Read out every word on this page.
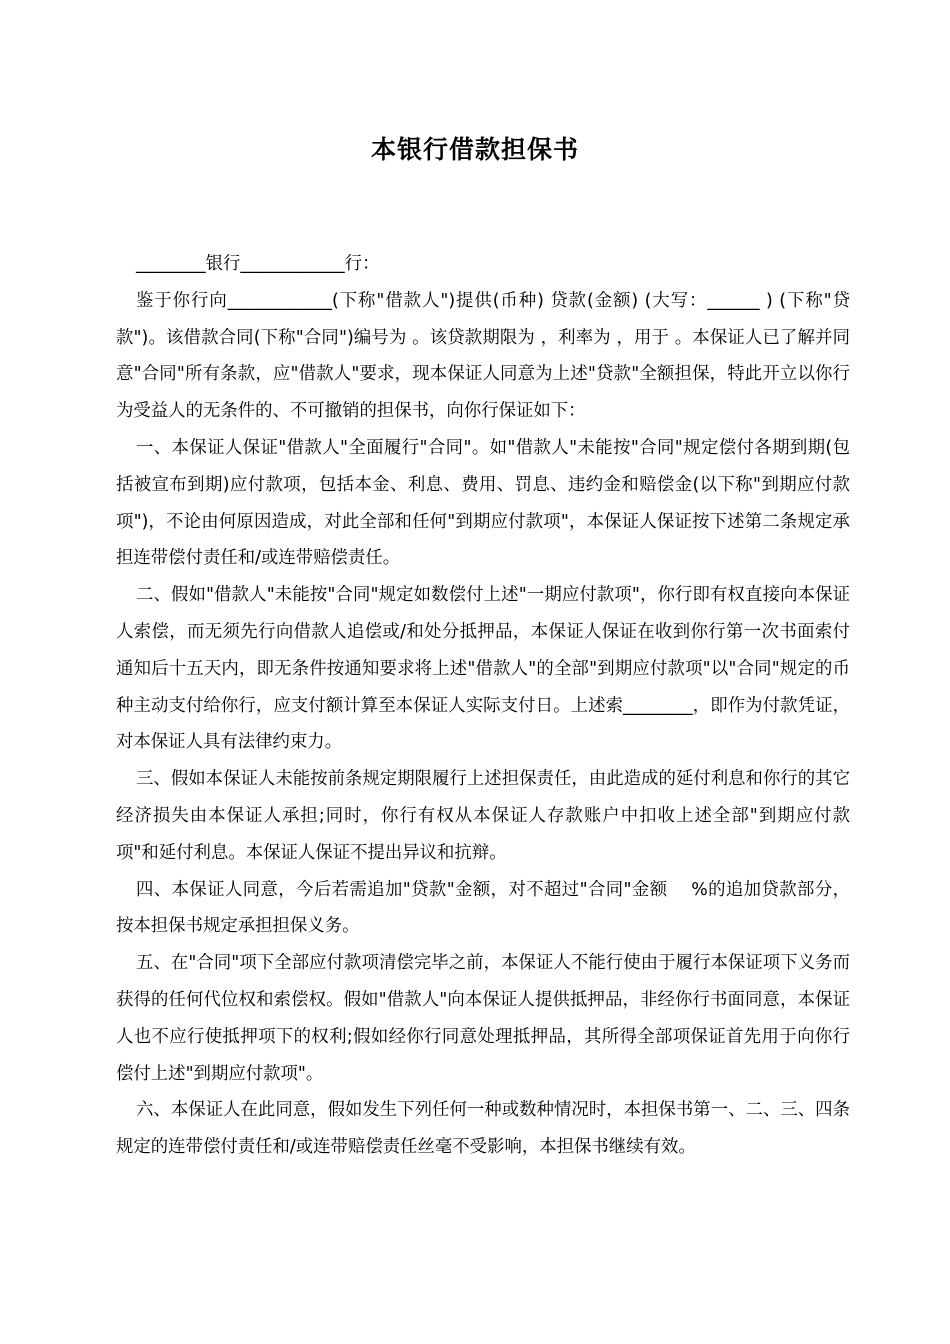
本银行借款担保书

________银行____________行：

鉴于你行向____________(下称"借款人")提供(币种) 贷款(金额) (大写：______ ) (下称"贷款")。该借款合同(下称"合同")编号为 。该贷款期限为 ，利率为 ，用于 。本保证人已了解并同意"合同"所有条款，应"借款人"要求，现本保证人同意为上述"贷款"全额担保，特此开立以你行为受益人的无条件的、不可撤销的担保书，向你行保证如下：

一、本保证人保证"借款人"全面履行"合同"。如"借款人"未能按"合同"规定偿付各期到期(包括被宣布到期)应付款项，包括本金、利息、费用、罚息、违约金和赔偿金(以下称"到期应付款项")，不论由何原因造成，对此全部和任何"到期应付款项"，本保证人保证按下述第二条规定承担连带偿付责任和/或连带赔偿责任。

二、假如"借款人"未能按"合同"规定如数偿付上述"一期应付款项"，你行即有权直接向本保证人索偿，而无须先行向借款人追偿或/和处分抵押品，本保证人保证在收到你行第一次书面索付通知后十五天内，即无条件按通知要求将上述"借款人"的全部"到期应付款项"以"合同"规定的币种主动支付给你行，应支付额计算至本保证人实际支付日。上述索________，即作为付款凭证，对本保证人具有法律约束力。

三、假如本保证人未能按前条规定期限履行上述担保责任，由此造成的延付利息和你行的其它经济损失由本保证人承担;同时，你行有权从本保证人存款账户中扣收上述全部"到期应付款项"和延付利息。本保证人保证不提出异议和抗辩。

四、本保证人同意，今后若需追加"贷款"金额，对不超过"合同"金额　 %的追加贷款部分，按本担保书规定承担担保义务。

五、在"合同"项下全部应付款项清偿完毕之前，本保证人不能行使由于履行本保证项下义务而获得的任何代位权和索偿权。假如"借款人"向本保证人提供抵押品，非经你行书面同意，本保证人也不应行使抵押项下的权利;假如经你行同意处理抵押品，其所得全部项保证首先用于向你行偿付上述"到期应付款项"。

六、本保证人在此同意，假如发生下列任何一种或数种情况时，本担保书第一、二、三、四条规定的连带偿付责任和/或连带赔偿责任丝毫不受影响，本担保书继续有效。
